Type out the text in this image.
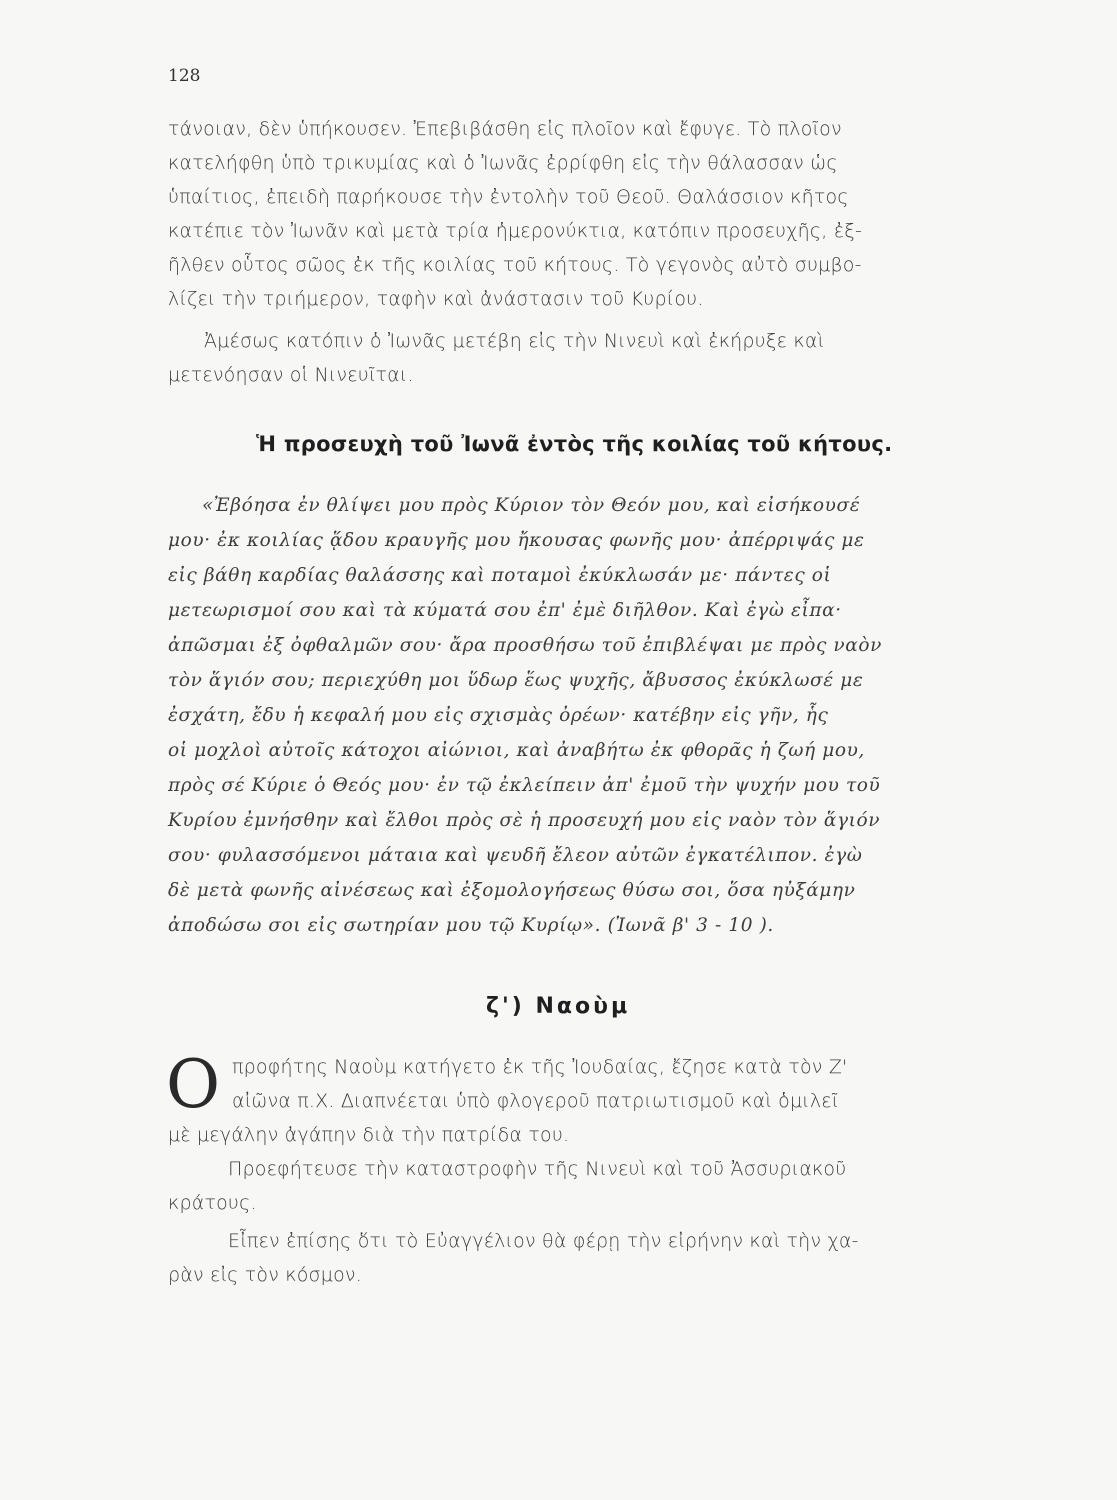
128
τάνοιαν, δὲν ὑπήκουσεν. Ἐπεβιβάσθη εἰς πλοῖον καὶ ἔφυγε. Τὸ πλοῖον
κατελήφθη ὑπὸ τρικυμίας καὶ ὁ Ἰωνᾶς ἐρρίφθη εἰς τὴν θάλασσαν ὡς
ὑπαίτιος, ἐπειδὴ παρήκουσε τὴν ἐντολὴν τοῦ Θεοῦ. Θαλάσσιον κῆτος
κατέπιε τὸν Ἰωνᾶν καὶ μετὰ τρία ἡμερονύκτια, κατόπιν προσευχῆς, ἐξ-
ῆλθεν οὗτος σῶος ἐκ τῆς κοιλίας τοῦ κήτους. Τὸ γεγονὸς αὐτὸ συμβο-
λίζει τὴν τριήμερον, ταφὴν καὶ ἀνάστασιν τοῦ Κυρίου.
Ἀμέσως κατόπιν ὁ Ἰωνᾶς μετέβη εἰς τὴν Νινευὶ καὶ ἐκήρυξε καὶ
μετενόησαν οἱ Νινευῖται.
Ἡ προσευχὴ τοῦ Ἰωνᾶ ἐντὸς τῆς κοιλίας τοῦ κήτους.
«Ἐβόησα ἐν θλίψει μου πρὸς Κύριον τὸν Θεόν μου, καὶ εἰσήκουσέ
μου· ἐκ κοιλίας ᾅδου κραυγῆς μου ἤκουσας φωνῆς μου· ἀπέρριψάς με
εἰς βάθη καρδίας θαλάσσης καὶ ποταμοὶ ἐκύκλωσάν με· πάντες οἱ
μετεωρισμοί σου καὶ τὰ κύματά σου ἐπ' ἐμὲ διῆλθον. Καὶ ἐγὼ εἶπα·
ἀπῶσμαι ἐξ ὀφθαλμῶν σου· ἄρα προσθήσω τοῦ ἐπιβλέψαι με πρὸς ναὸν
τὸν ἅγιόν σου; περιεχύθη μοι ὕδωρ ἕως ψυχῆς, ἄβυσσος ἐκύκλωσέ με
ἐσχάτη, ἔδυ ἡ κεφαλή μου εἰς σχισμὰς ὀρέων· κατέβην εἰς γῆν, ἧς
οἱ μοχλοὶ αὐτοῖς κάτοχοι αἰώνιοι, καὶ ἀναβήτω ἐκ φθορᾶς ἡ ζωή μου,
πρὸς σέ Κύριε ὁ Θεός μου· ἐν τῷ ἐκλείπειν ἀπ' ἐμοῦ τὴν ψυχήν μου τοῦ
Κυρίου ἐμνήσθην καὶ ἔλθοι πρὸς σὲ ἡ προσευχή μου εἰς ναὸν τὸν ἅγιόν
σου· φυλασσόμενοι μάταια καὶ ψευδῆ ἔλεον αὐτῶν ἐγκατέλιπον. ἐγὼ
δὲ μετὰ φωνῆς αἰνέσεως καὶ ἐξομολογήσεως θύσω σοι, ὅσα ηὐξάμην
ἀποδώσω σοι εἰς σωτηρίαν μου τῷ Κυρίῳ». (Ἰωνᾶ β' 3 - 10 ).
ζ') Ναοὺμ
Ο προφήτης Ναοὺμ κατήγετο ἐκ τῆς Ἰουδαίας, ἔζησε κατὰ τὸν Ζ'
αἰῶνα π.Χ. Διαπνέεται ὑπὸ φλογεροῦ πατριωτισμοῦ καὶ ὁμιλεῖ
μὲ μεγάλην ἀγάπην διὰ τὴν πατρίδα του.
Προεφήτευσε τὴν καταστροφὴν τῆς Νινευὶ καὶ τοῦ Ἀσσυριακοῦ
κράτους.
Εἶπεν ἐπίσης ὅτι τὸ Εὐαγγέλιον θὰ φέρῃ τὴν εἰρήνην καὶ τὴν χα-
ρὰν εἰς τὸν κόσμον.
